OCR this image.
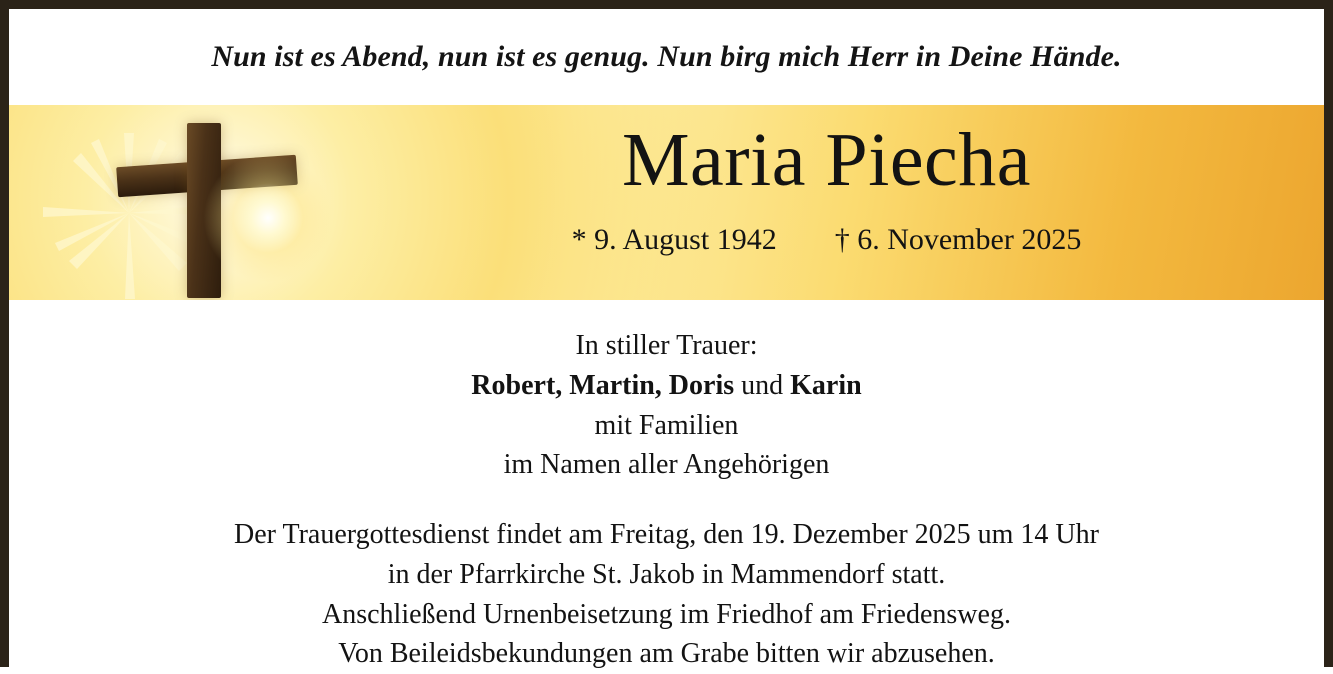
Nun ist es Abend, nun ist es genug. Nun birg mich Herr in Deine Hände.
Maria Piecha
* 9. August 1942 † 6. November 2025
In stiller Trauer:
Robert, Martin, Doris und Karin
mit Familien
im Namen aller Angehörigen
Der Trauergottesdienst findet am Freitag, den 19. Dezember 2025 um 14 Uhr
in der Pfarrkirche St. Jakob in Mammendorf statt.
Anschließend Urnenbeisetzung im Friedhof am Friedensweg.
Von Beileidsbekundungen am Grabe bitten wir abzusehen.
